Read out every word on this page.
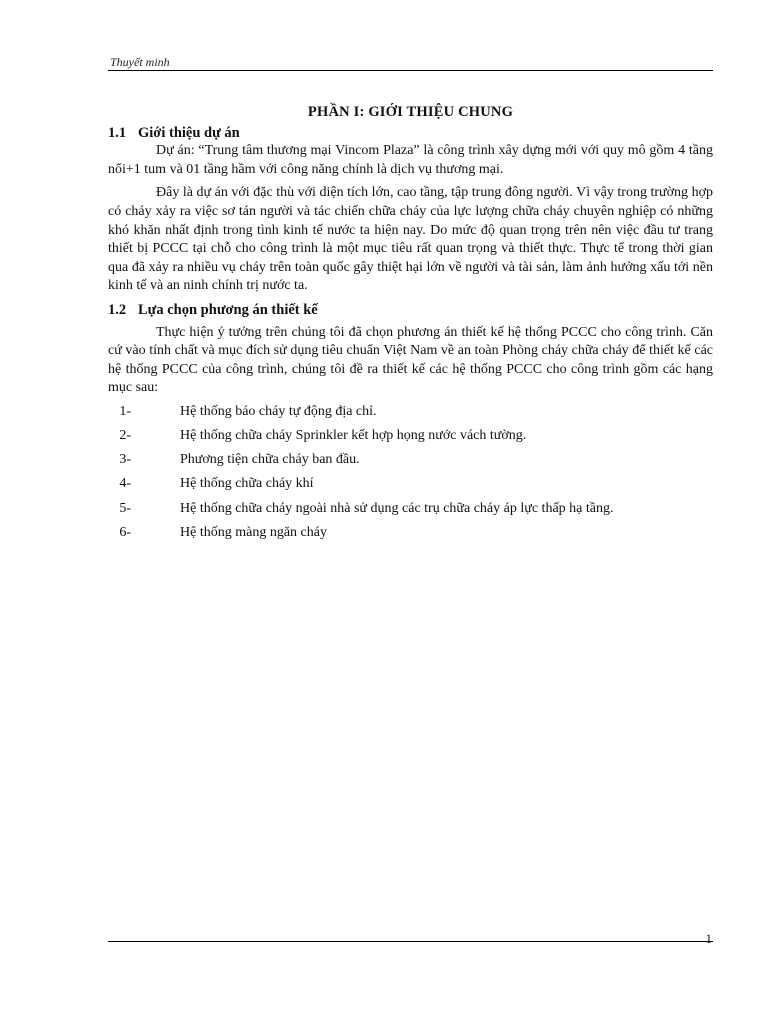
Thuyết minh
PHẦN I: GIỚI THIỆU CHUNG
1.1 Giới thiệu dự án

Dự án: “Trung tâm thương mại Vincom Plaza” là công trình xây dựng mới với quy mô gồm 4 tầng nổi+1 tum và 01 tầng hầm với công năng chính là dịch vụ thương mại.

Đây là dự án với đặc thù với diện tích lớn, cao tầng, tập trung đông người. Vì vậy trong trường hợp có cháy xảy ra việc sơ tán người và tác chiến chữa cháy của lực lượng chữa cháy chuyên nghiệp có những khó khăn nhất định trong tình kinh tế nước ta hiện nay. Do mức độ quan trọng trên nên việc đầu tư trang thiết bị PCCC tại chỗ cho công trình là một mục tiêu rất quan trọng và thiết thực. Thực tế trong thời gian qua đã xảy ra nhiều vụ cháy trên toàn quốc gây thiệt hại lớn về người và tài sản, làm ảnh hưởng xấu tới nền kinh tế và an ninh chính trị nước ta.

1.2 Lựa chọn phương án thiết kế

Thực hiện ý tưởng trên chúng tôi đã chọn phương án thiết kế hệ thống PCCC cho công trình. Căn cứ vào tính chất và mục đích sử dụng tiêu chuẩn Việt Nam về an toàn Phòng cháy chữa cháy để thiết kế các hệ thống PCCC của công trình, chúng tôi đề ra thiết kế các hệ thống PCCC cho công trình gồm các hạng mục sau:

1-	Hệ thống báo cháy tự động địa chỉ.
2-	Hệ thống chữa cháy Sprinkler kết hợp họng nước vách tường.
3-	Phương tiện chữa cháy ban đầu.
4-	Hệ thống chữa cháy khí
5-	Hệ thống chữa cháy ngoài nhà sử dụng các trụ chữa cháy áp lực thấp hạ tầng.
6-	Hệ thống màng ngăn cháy
1
